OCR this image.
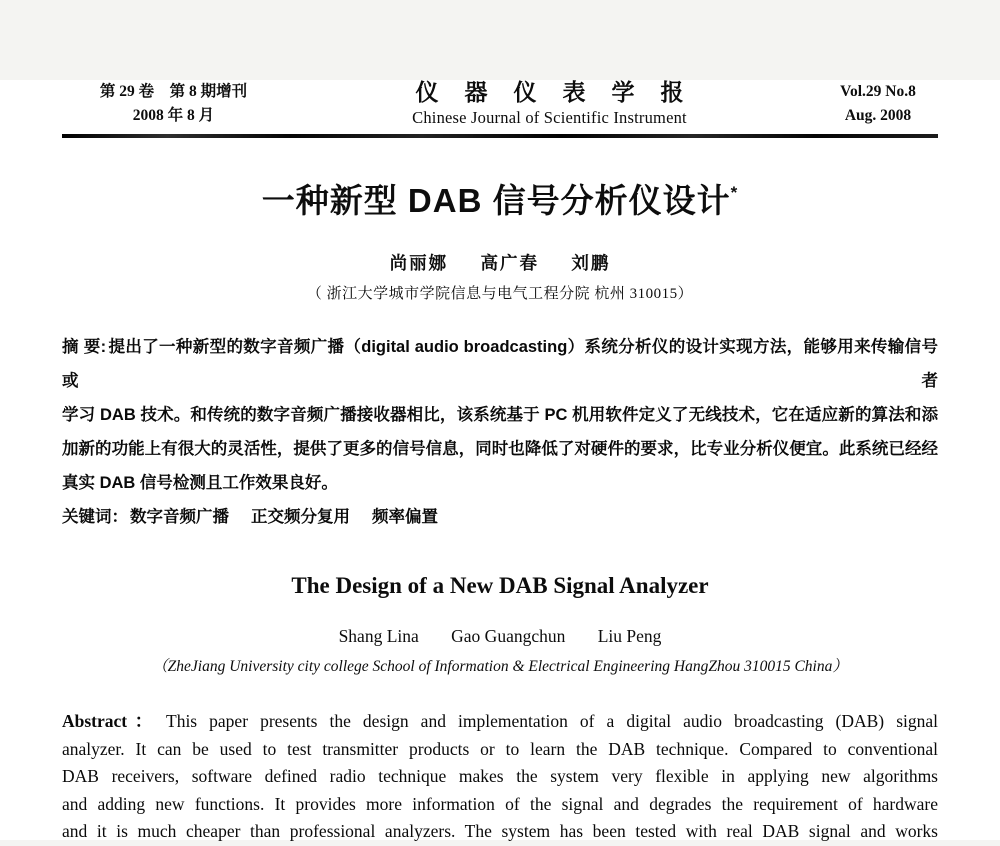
第 29 卷　第 8 期增刊
2008 年 8 月
仪器仪表学报
Chinese Journal of Scientific Instrument
Vol.29 No.8
Aug. 2008
一种新型 DAB 信号分析仪设计*
尚丽娜 高广春 刘鹏
（ 浙江大学城市学院信息与电气工程分院 杭州 310015）
摘 要: 提出了一种新型的数字音频广播（digital audio broadcasting）系统分析仪的设计实现方法，能够用来传输信号或者
学习 DAB 技术。和传统的数字音频广播接收器相比，该系统基于 PC 机用软件定义了无线技术，它在适应新的算法和添
加新的功能上有很大的灵活性，提供了更多的信号信息，同时也降低了对硬件的要求，比专业分析仪便宜。此系统已经经
真实 DAB 信号检测且工作效果良好。
关键词： 数字音频广播 正交频分复用 频率偏置
The Design of a New DAB Signal Analyzer
Shang Lina Gao Guangchun Liu Peng
（ZheJiang University city college School of Information & Electrical Engineering HangZhou 310015 China）
Abstract： This paper presents the design and implementation of a digital audio broadcasting (DAB) signal
analyzer. It can be used to test transmitter products or to learn the DAB technique. Compared to conventional
DAB receivers, software defined radio technique makes the system very flexible in applying new algorithms
and adding new functions. It provides more information of the signal and degrades the requirement of hardware
and it is much cheaper than professional analyzers. The system has been tested with real DAB signal and works
